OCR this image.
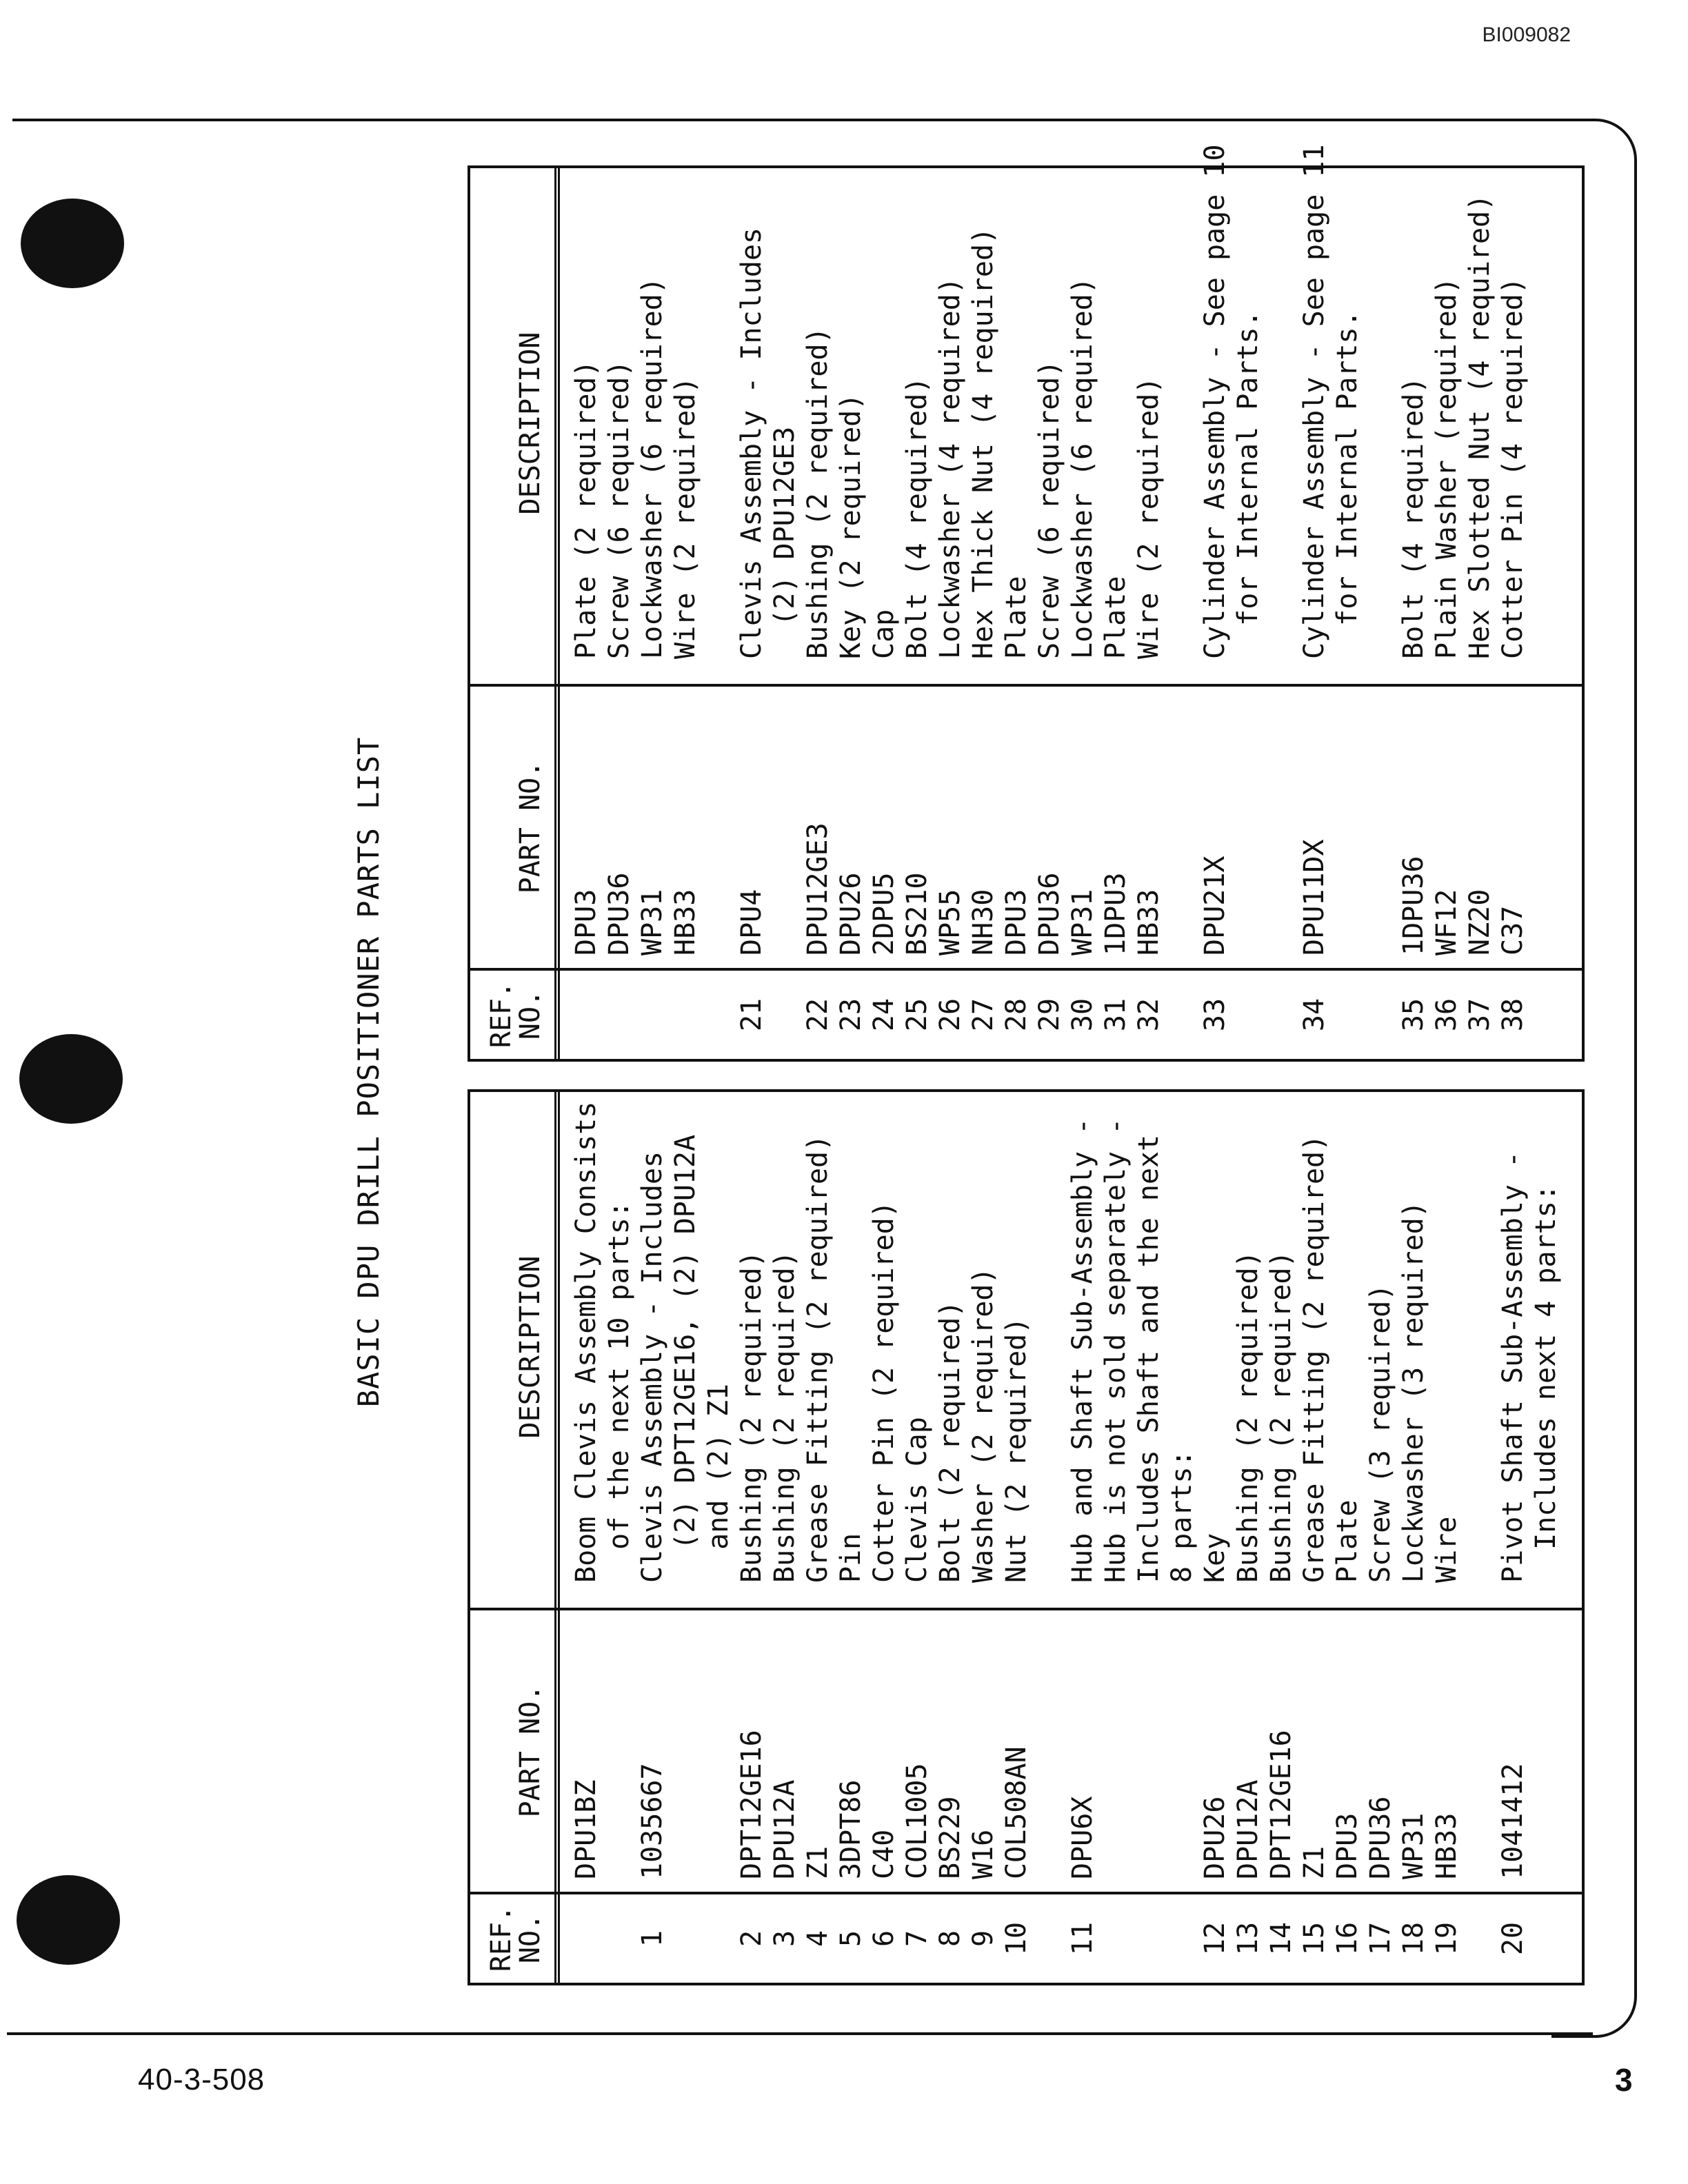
BI009082
BASIC DPU DRILL POSITIONER PARTS LIST
REF.
NO.
PART NO.
DESCRIPTION
DPU1BZ
Boom Clevis Assembly Consists of the next 10 parts:
1
1035667
Clevis Assembly - Includes (2) DPT12GE16, (2) DPU12A and (2) Z1
2
DPT12GE16
Bushing (2 required)
3
DPU12A
Bushing (2 required)
4
Z1
Grease Fitting (2 required)
5
3DPT86
Pin
6
C40
Cotter Pin (2 required)
7
COL1005
Clevis Cap
8
BS229
Bolt (2 required)
9
W16
Washer (2 required)
10
COL508AN
Nut (2 required)
11
DPU6X
Hub and Shaft Sub-Assembly - Hub is not sold separately - Includes Shaft and the next 8 parts:
12
DPU26
Key
13
DPU12A
Bushing (2 required)
14
DPT12GE16
Bushing (2 required)
15
Z1
Grease Fitting (2 required)
16
DPU3
Plate
17
DPU36
Screw (3 required)
18
WP31
Lockwasher (3 required)
19
HB33
Wire
20
1041412
Pivot Shaft Sub-Assembly - Includes next 4 parts:
REF.
NO.
PART NO.
DESCRIPTION
DPU3
Plate (2 required)
DPU36
Screw (6 required)
WP31
Lockwasher (6 required)
HB33
Wire (2 required)
21
DPU4
Clevis Assembly - Includes (2) DPU12GE3
22
DPU12GE3
Bushing (2 required)
23
DPU26
Key (2 required)
24
2DPU5
Cap
25
BS210
Bolt (4 required)
26
WP55
Lockwasher (4 required)
27
NH30
Hex Thick Nut (4 required)
28
DPU3
Plate
29
DPU36
Screw (6 required)
30
WP31
Lockwasher (6 required)
31
1DPU3
Plate
32
HB33
Wire (2 required)
33
DPU21X
Cylinder Assembly - See page 10 for Internal Parts.
34
DPU11DX
Cylinder Assembly - See page 11 for Internal Parts.
35
1DPU36
Bolt (4 required)
36
WF12
Plain Washer (required)
37
NZ20
Hex Slotted Nut (4 required)
38
C37
Cotter Pin (4 required)
40-3-508	3
